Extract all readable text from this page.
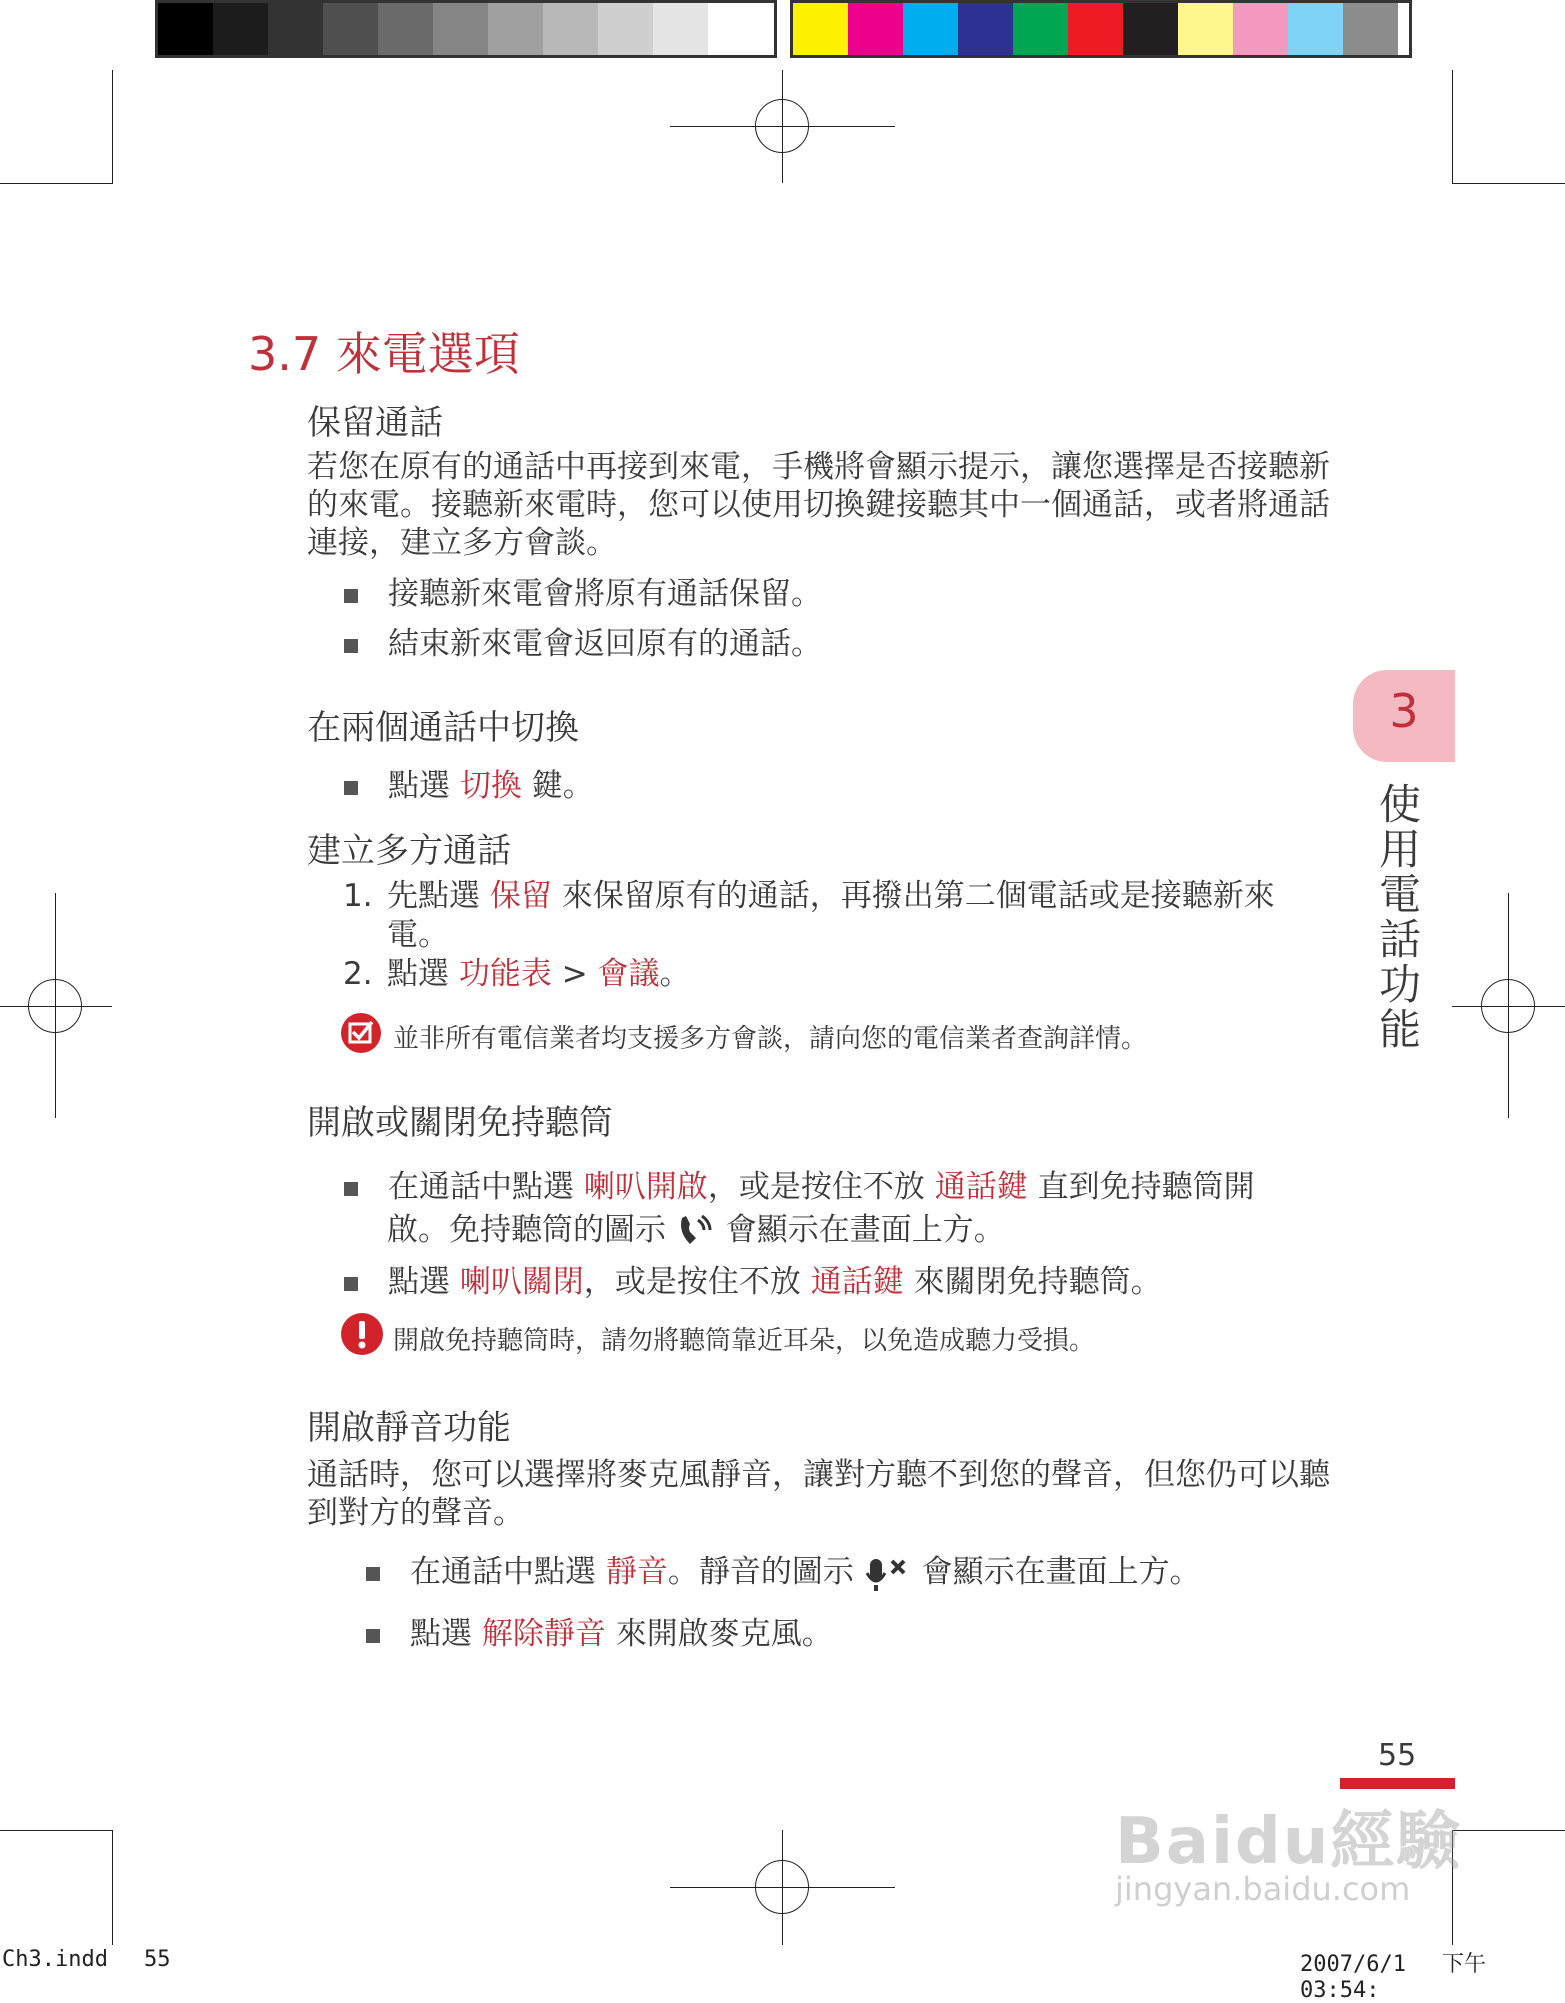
3.7 來電選項
保留通話
若您在原有的通話中再接到來電，手機將會顯示提示，讓您選擇是否接聽新的來電。接聽新來電時，您可以使用切換鍵接聽其中一個通話，或者將通話連接，建立多方會談。
接聽新來電會將原有通話保留。
結束新來電會返回原有的通話。
在兩個通話中切換
點選 切換 鍵。
建立多方通話
1. 先點選 保留 來保留原有的通話，再撥出第二個電話或是接聽新來
電。
2. 點選 功能表 > 會議。
並非所有電信業者均支援多方會談，請向您的電信業者查詢詳情。
開啟或關閉免持聽筒
在通話中點選 喇叭開啟，或是按住不放 通話鍵 直到免持聽筒開
啟。免持聽筒的圖示  會顯示在畫面上方。
點選 喇叭關閉，或是按住不放 通話鍵 來關閉免持聽筒。
開啟免持聽筒時，請勿將聽筒靠近耳朵，以免造成聽力受損。
開啟靜音功能
通話時，您可以選擇將麥克風靜音，讓對方聽不到您的聲音，但您仍可以聽到對方的聲音。
在通話中點選 靜音。靜音的圖示  會顯示在畫面上方。
點選 解除靜音 來開啟麥克風。
3
使
用
電
話
功
能
55
Baidu經驗
jingyan.baidu.com
Ch3.indd 55	2007/6/1 下午 03:54:
